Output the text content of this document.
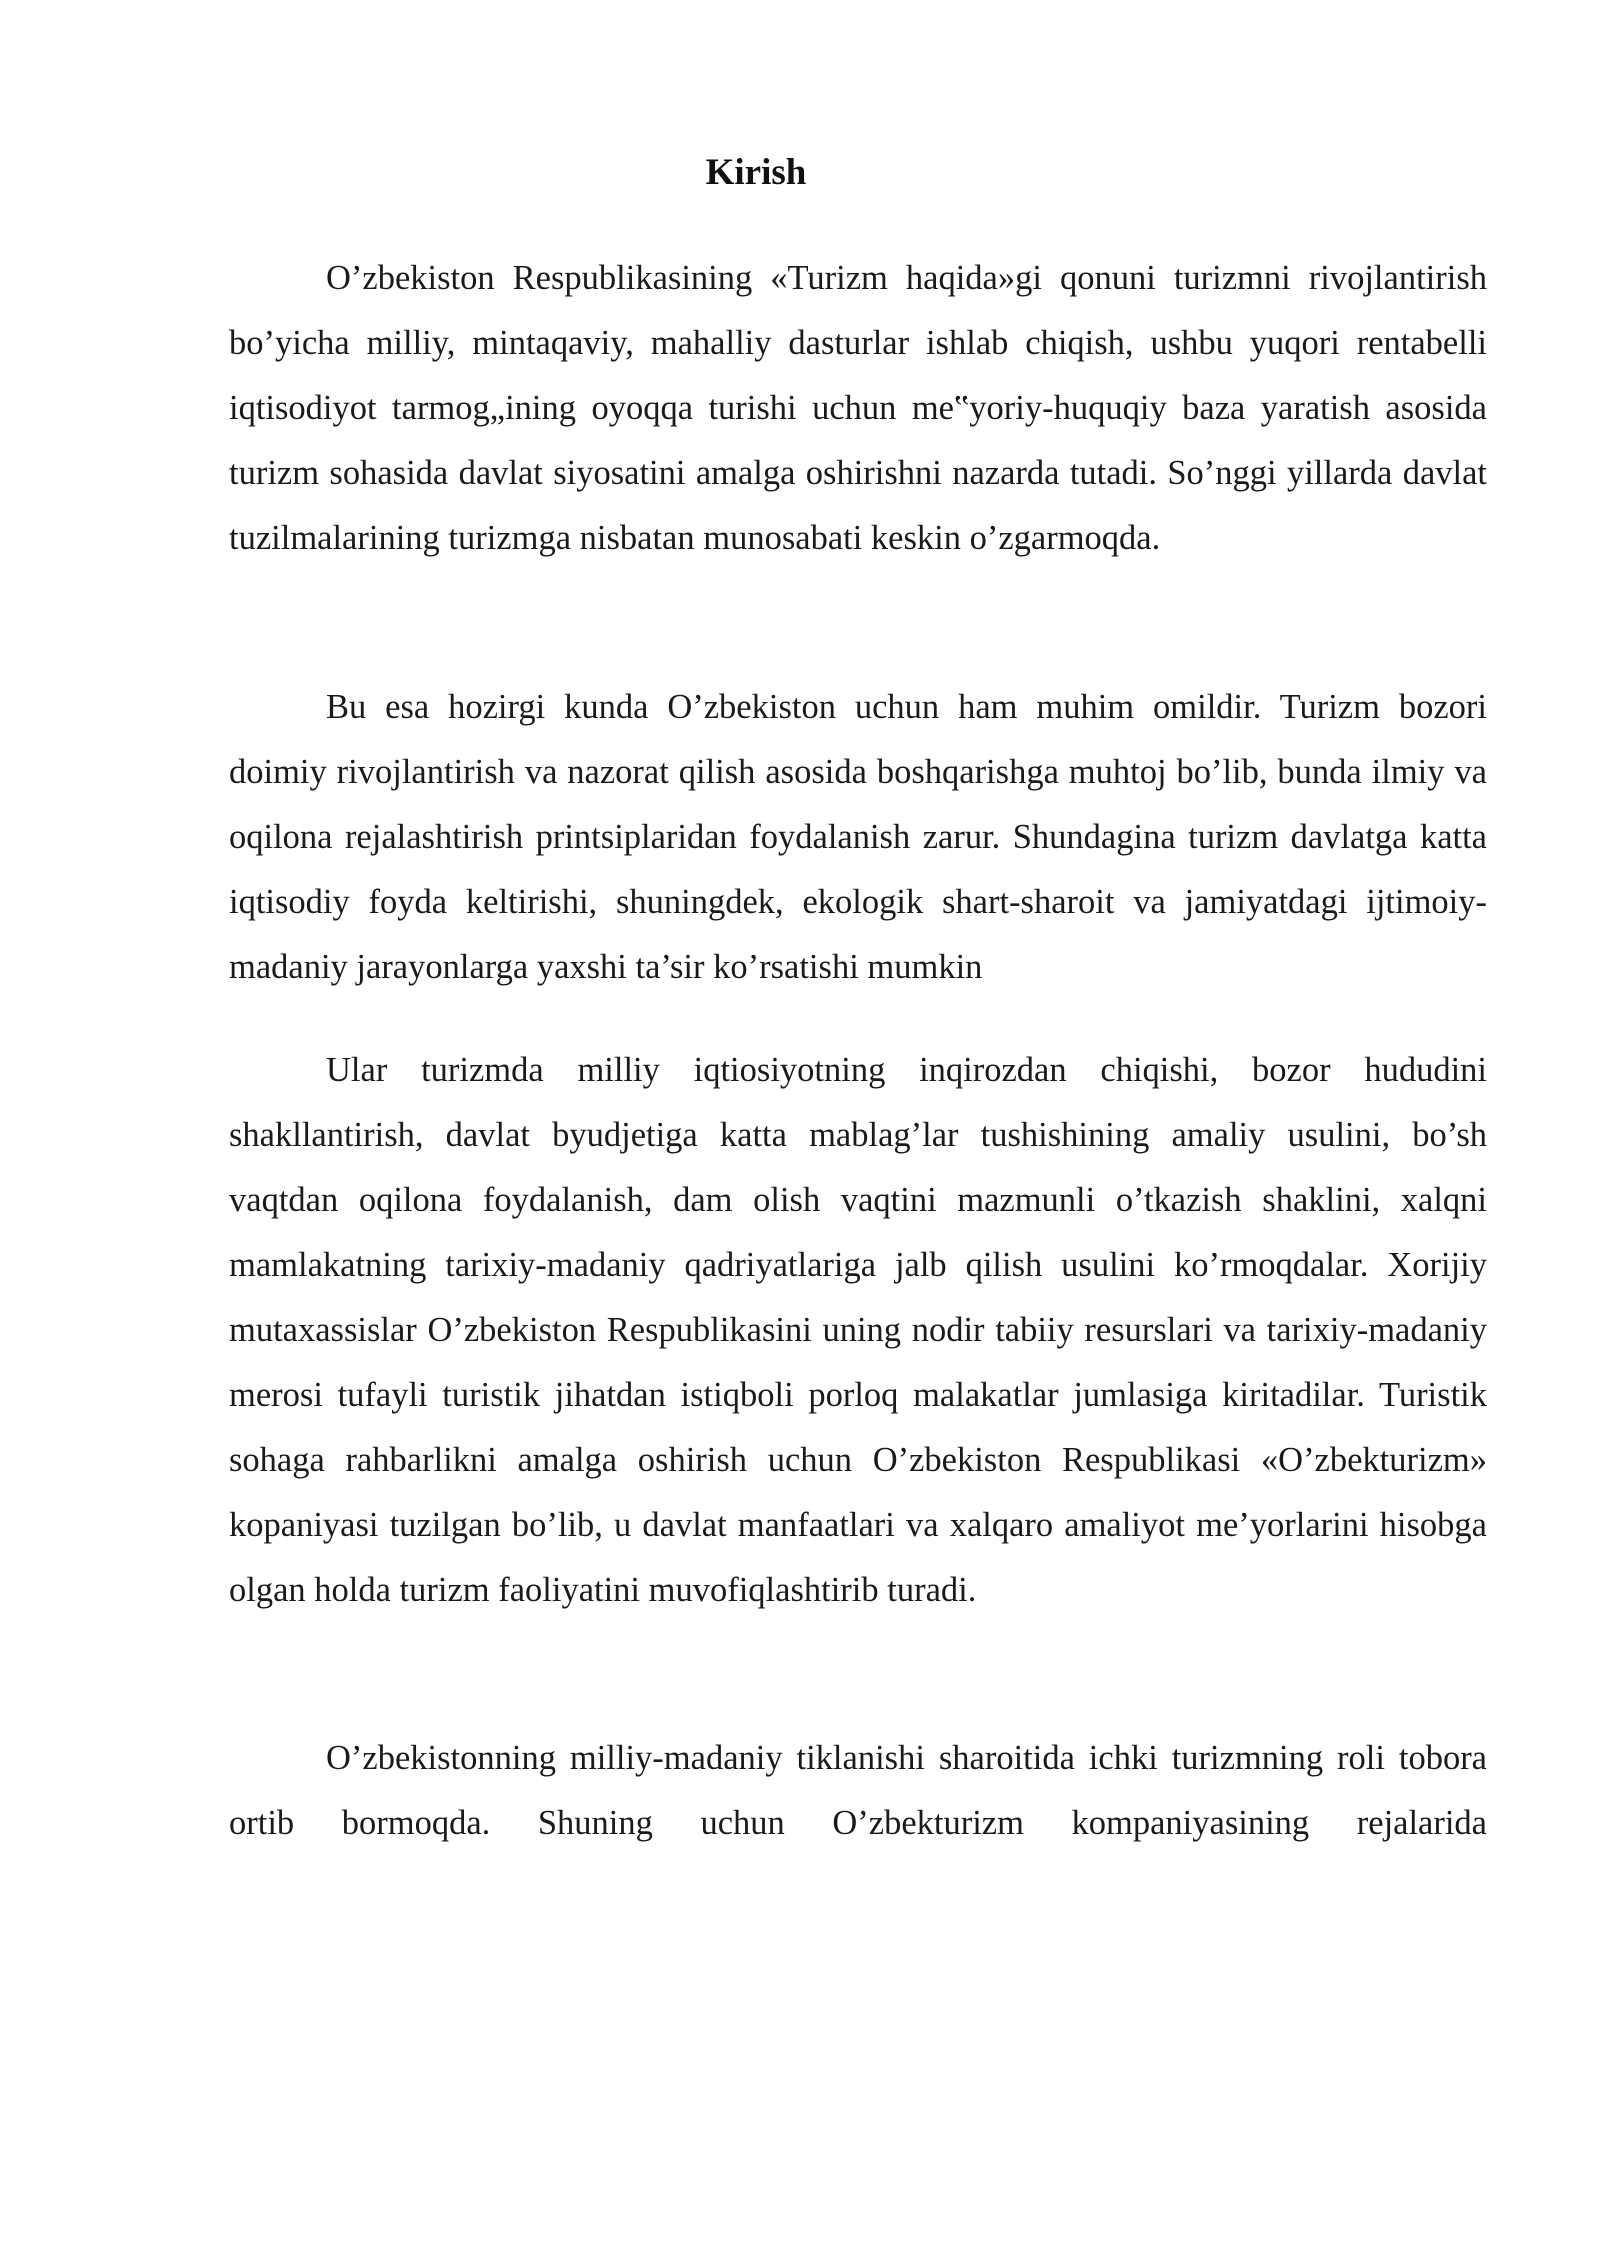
Kirish

O’zbekiston Respublikasining «Turizm haqida»gi qonuni turizmni rivojlantirish bo’yicha milliy, mintaqaviy, mahalliy dasturlar ishlab chiqish, ushbu yuqori rentabelli iqtisodiyot tarmog„ining oyoqqa turishi uchun me‟yoriy-huquqiy baza yaratish asosida turizm sohasida davlat siyosatini amalga oshirishni nazarda tutadi. So’nggi yillarda davlat tuzilmalarining turizmga nisbatan munosabati keskin o’zgarmoqda.

Bu esa hozirgi kunda O’zbekiston uchun ham muhim omildir. Turizm bozori doimiy rivojlantirish va nazorat qilish asosida boshqarishga muhtoj bo’lib, bunda ilmiy va oqilona rejalashtirish printsiplaridan foydalanish zarur. Shundagina turizm davlatga katta iqtisodiy foyda keltirishi, shuningdek, ekologik shart-sharoit va jamiyatdagi ijtimoiy-madaniy jarayonlarga yaxshi ta’sir ko’rsatishi mumkin

Ular turizmda milliy iqtiosiyotning inqirozdan chiqishi, bozor hududini shakllantirish, davlat byudjetiga katta mablag’lar tushishining amaliy usulini, bo’sh vaqtdan oqilona foydalanish, dam olish vaqtini mazmunli o’tkazish shaklini, xalqni mamlakatning tarixiy-madaniy qadriyatlariga jalb qilish usulini ko’rmoqdalar. Xorijiy mutaxassislar O’zbekiston Respublikasini uning nodir tabiiy resurslari va tarixiy-madaniy merosi tufayli turistik jihatdan istiqboli porloq malakatlar jumlasiga kiritadilar. Turistik sohaga rahbarlikni amalga oshirish uchun O’zbekiston Respublikasi «O’zbekturizm» kopaniyasi tuzilgan bo’lib, u davlat manfaatlari va xalqaro amaliyot me’yorlarini hisobga olgan holda turizm faoliyatini muvofiqlashtirib turadi.

O’zbekistonning milliy-madaniy tiklanishi sharoitida ichki turizmning roli tobora ortib bormoqda. Shuning uchun O’zbekturizm kompaniyasining rejalarida
